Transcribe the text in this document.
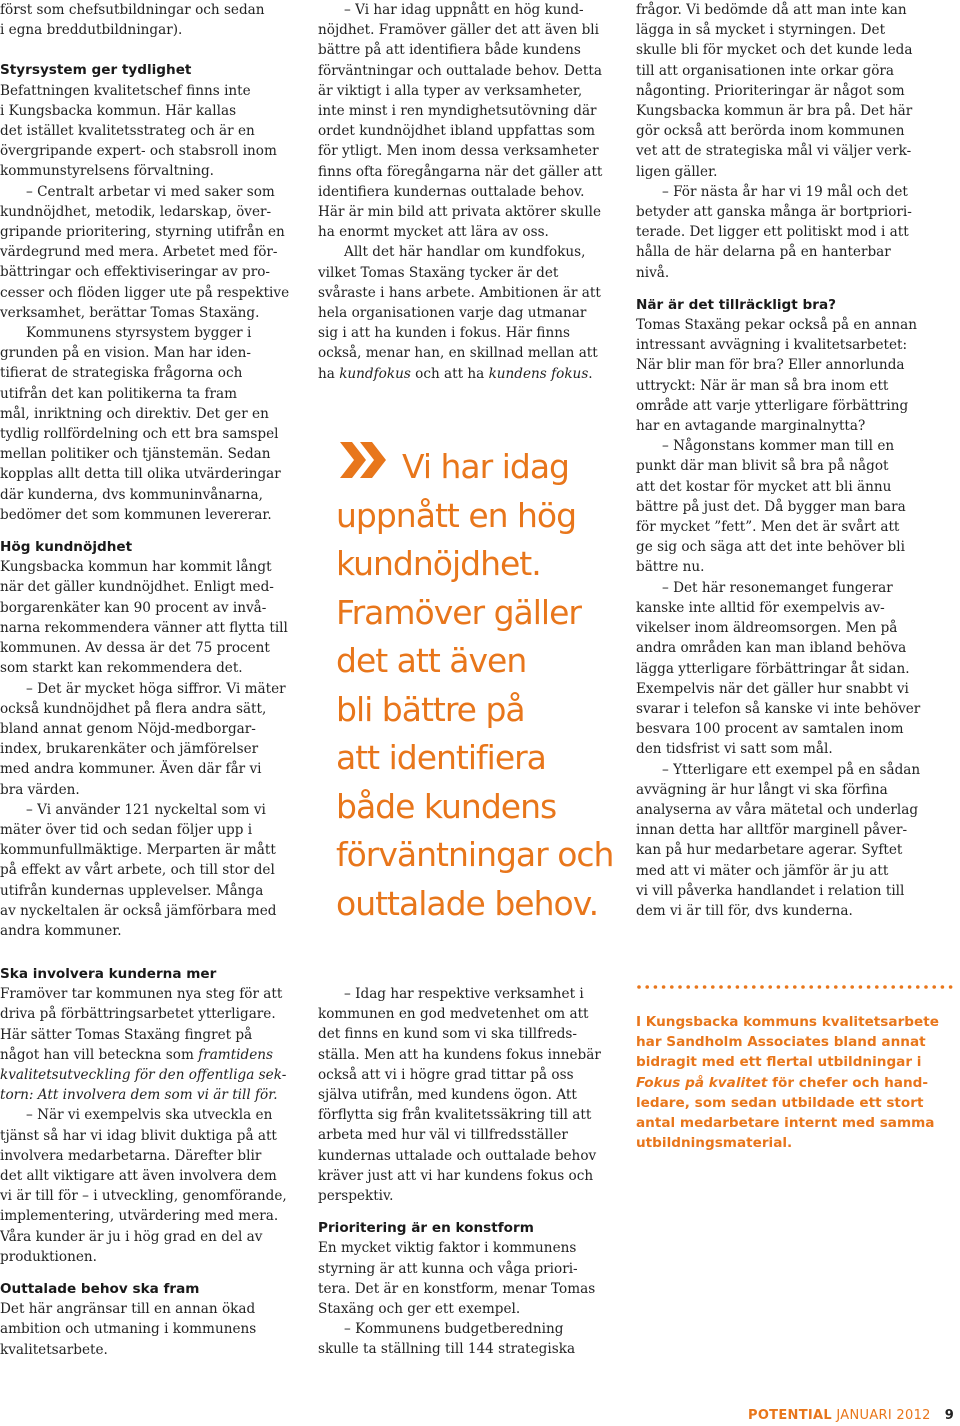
först som chefsutbildningar och sedan

i egna breddutbildningar).

Styrsystem ger tydlighet

Befattningen kvalitetschef finns inte

i Kungsbacka kommun. Här kallas

det istället kvalitetsstrateg och är en

övergripande expert- och stabsroll inom

kommunstyrelsens förvaltning.

– Centralt arbetar vi med saker som

kundnöjdhet, metodik, ledarskap, över-

gripande prioritering, styrning utifrån en

värdegrund med mera. Arbetet med för-

bättringar och effektiviseringar av pro-

cesser och flöden ligger ute på respektive

verksamhet, berättar Tomas Staxäng.

Kommunens styrsystem bygger i

grunden på en vision. Man har iden-

tifierat de strategiska frågorna och

utifrån det kan politikerna ta fram

mål, inriktning och direktiv. Det ger en

tydlig rollfördelning och ett bra samspel

mellan politiker och tjänstemän. Sedan

kopplas allt detta till olika utvärderingar

där kunderna, dvs kommuninvånarna,

bedömer det som kommunen levererar.

Hög kundnöjdhet

Kungsbacka kommun har kommit långt

när det gäller kundnöjdhet. Enligt med-

borgarenkäter kan 90 procent av invå-

narna rekommendera vänner att flytta till

kommunen. Av dessa är det 75 procent

som starkt kan rekommendera det.

– Det är mycket höga siffror. Vi mäter

också kundnöjdhet på flera andra sätt,

bland annat genom Nöjd-medborgar-

index, brukarenkäter och jämförelser

med andra kommuner. Även där får vi

bra värden.

– Vi använder 121 nyckeltal som vi

mäter över tid och sedan följer upp i

kommunfullmäktige. Merparten är mått

på effekt av vårt arbete, och till stor del

utifrån kundernas upplevelser. Många

av nyckeltalen är också jämförbara med

andra kommuner.

Ska involvera kunderna mer

Framöver tar kommunen nya steg för att

driva på förbättringsarbetet ytterligare.

Här sätter Tomas Staxäng fingret på

något han vill beteckna som framtidens

kvalitetsutveckling för den offentliga sek-

torn: Att involvera dem som vi är till för.

– När vi exempelvis ska utveckla en

tjänst så har vi idag blivit duktiga på att

involvera medarbetarna. Därefter blir

det allt viktigare att även involvera dem

vi är till för – i utveckling, genomförande,

implementering, utvärdering med mera.

Våra kunder är ju i hög grad en del av

produktionen.

Outtalade behov ska fram

Det här angränsar till en annan ökad

ambition och utmaning i kommunens

kvalitetsarbete.

– Vi har idag uppnått en hög kund-

nöjdhet. Framöver gäller det att även bli

bättre på att identifiera både kundens

förväntningar och outtalade behov. Detta

är viktigt i alla typer av verksamheter,

inte minst i ren myndighetsutövning där

ordet kundnöjdhet ibland uppfattas som

för ytligt. Men inom dessa verksamheter

finns ofta föregångarna när det gäller att

identifiera kundernas outtalade behov.

Här är min bild att privata aktörer skulle

ha enormt mycket att lära av oss.

Allt det här handlar om kundfokus,

vilket Tomas Staxäng tycker är det

svåraste i hans arbete. Ambitionen är att

hela organisationen varje dag utmanar

sig i att ha kunden i fokus. Här finns

också, menar han, en skillnad mellan att

ha kundfokus och att ha kundens fokus.

Vi har idag
uppnått en hög
kundnöjdhet.
Framöver gäller
det att även
bli bättre på
att identifiera
både kundens
förväntningar och
outtalade behov.

– Idag har respektive verksamhet i

kommunen en god medvetenhet om att

det finns en kund som vi ska tillfreds-

ställa. Men att ha kundens fokus innebär

också att vi i högre grad tittar på oss

själva utifrån, med kundens ögon. Att

förflytta sig från kvalitetssäkring till att

arbeta med hur väl vi tillfredsställer

kundernas uttalade och outtalade behov

kräver just att vi har kundens fokus och

perspektiv.

Prioritering är en konstform

En mycket viktig faktor i kommunens

styrning är att kunna och våga priori-

tera. Det är en konstform, menar Tomas

Staxäng och ger ett exempel.

– Kommunens budgetberedning

skulle ta ställning till 144 strategiska

frågor. Vi bedömde då att man inte kan

lägga in så mycket i styrningen. Det

skulle bli för mycket och det kunde leda

till att organisationen inte orkar göra

någonting. Prioriteringar är något som

Kungsbacka kommun är bra på. Det här

gör också att berörda inom kommunen

vet att de strategiska mål vi väljer verk-

ligen gäller.

– För nästa år har vi 19 mål och det

betyder att ganska många är bortpriori-

terade. Det ligger ett politiskt mod i att

hålla de här delarna på en hanterbar

nivå.

När är det tillräckligt bra?

Tomas Staxäng pekar också på en annan

intressant avvägning i kvalitetsarbetet:

När blir man för bra? Eller annorlunda

uttryckt: När är man så bra inom ett

område att varje ytterligare förbättring

har en avtagande marginalnytta?

– Någonstans kommer man till en

punkt där man blivit så bra på något

att det kostar för mycket att bli ännu

bättre på just det. Då bygger man bara

för mycket ”fett”. Men det är svårt att

ge sig och säga att det inte behöver bli

bättre nu.

– Det här resonemanget fungerar

kanske inte alltid för exempelvis av-

vikelser inom äldreomsorgen. Men på

andra områden kan man ibland behöva

lägga ytterligare förbättringar åt sidan.

Exempelvis när det gäller hur snabbt vi

svarar i telefon så kanske vi inte behöver

besvara 100 procent av samtalen inom

den tidsfrist vi satt som mål.

– Ytterligare ett exempel på en sådan

avvägning är hur långt vi ska förfina

analyserna av våra mätetal och underlag

innan detta har alltför marginell påver-

kan på hur medarbetare agerar. Syftet

med att vi mäter och jämför är ju att

vi vill påverka handlandet i relation till

dem vi är till för, dvs kunderna.

I Kungsbacka kommuns kvalitetsarbete

har Sandholm Associates bland annat

bidragit med ett flertal utbildningar i

Fokus på kvalitet för chefer och hand-

ledare, som sedan utbildade ett stort

antal medarbetare internt med samma

utbildningsmaterial.

POTENTIAL JANUARI 2012 9
